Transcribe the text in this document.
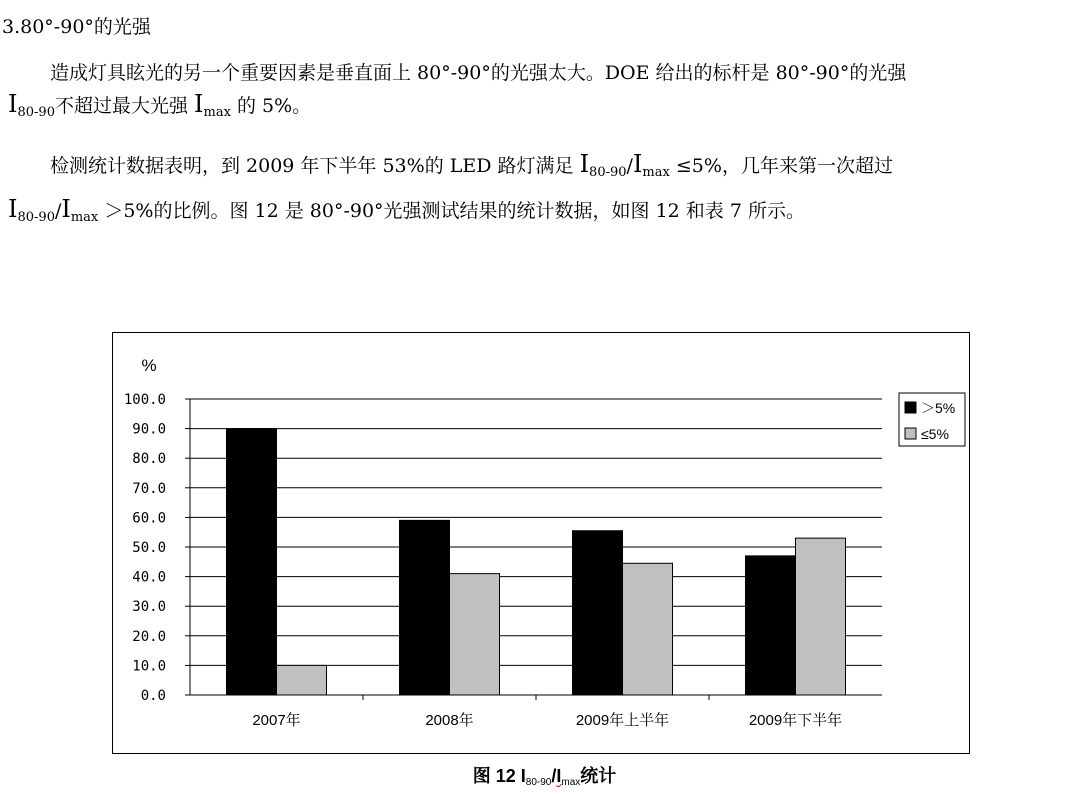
3.80°-90°的光强
造成灯具眩光的另一个重要因素是垂直面上 80°-90°的光强太大。DOE 给出的标杆是 80°-90°的光强
$I_{80-90}$不超过最大光强 $I_{max}$ 的 5%。
检测统计数据表明，到 2009 年下半年 53%的 LED 路灯满足 $I_{80-90}/I_{max} \le 5\%$，几年来第一次超过
$I_{80-90}/I_{max} >5\%$的比例。图 12 是 80°-90°光强测试结果的统计数据，如图 12 和表 7 所示。
0.0
10.0
20.0
30.0
40.0
50.0
60.0
70.0
80.0
90.0
100.0
%
2007年	2008年	2009年上半年	2009年下半年
＞5%
≤5%
图 12 $I_{80-90}/I_{max}$统计
